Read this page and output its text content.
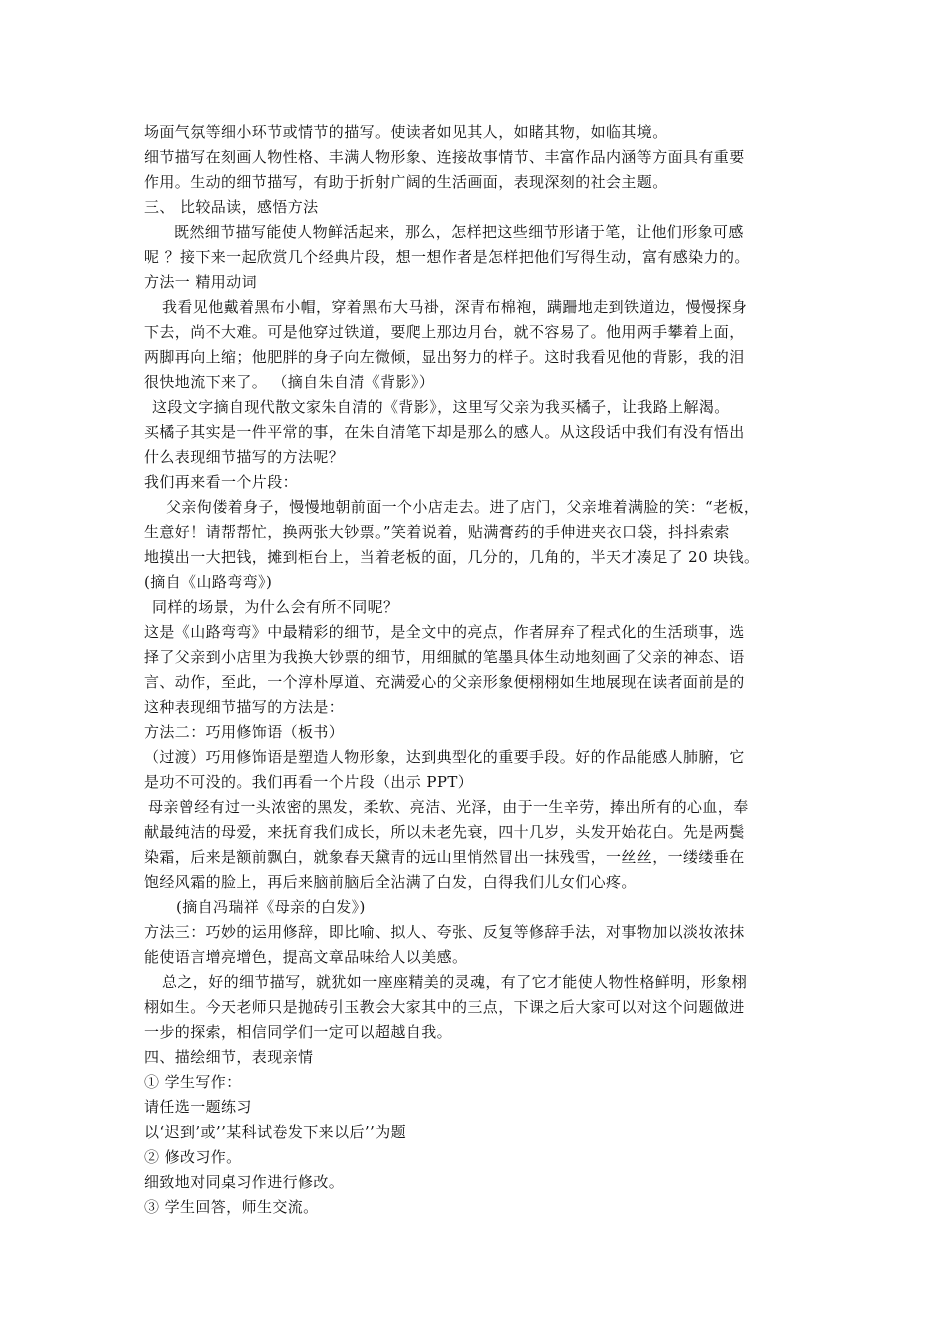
场面气氛等细小环节或情节的描写。使读者如见其人，如睹其物，如临其境。
细节描写在刻画人物性格、丰满人物形象、连接故事情节、丰富作品内涵等方面具有重要
作用。生动的细节描写，有助于折射广阔的生活画面，表现深刻的社会主题。
三、 比较品读，感悟方法
既然细节描写能使人物鲜活起来，那么，怎样把这些细节形诸于笔，让他们形象可感
呢 ？接下来一起欣赏几个经典片段，想一想作者是怎样把他们写得生动，富有感染力的。
方法一 精用动词
我看见他戴着黑布小帽，穿着黑布大马褂，深青布棉袍，蹒跚地走到铁道边，慢慢探身
下去，尚不大难。可是他穿过铁道，要爬上那边月台，就不容易了。他用两手攀着上面，
两脚再向上缩；他肥胖的身子向左微倾，显出努力的样子。这时我看见他的背影，我的泪
很快地流下来了。 （摘自朱自清《背影》）
这段文字摘自现代散文家朱自清的《背影》，这里写父亲为我买橘子，让我路上解渴。
买橘子其实是一件平常的事，在朱自清笔下却是那么的感人。从这段话中我们有没有悟出
什么表现细节描写的方法呢？
我们再来看一个片段：
父亲佝偻着身子，慢慢地朝前面一个小店走去。进了店门，父亲堆着满脸的笑：“老板，
生意好！请帮帮忙，换两张大钞票。”笑着说着，贴满膏药的手伸进夹衣口袋，抖抖索索
地摸出一大把钱，摊到柜台上，当着老板的面，几分的，几角的，半天才凑足了 20 块钱。
(摘自《山路弯弯》)
同样的场景，为什么会有所不同呢？
这是《山路弯弯》中最精彩的细节，是全文中的亮点，作者屏弃了程式化的生活琐事，选
择了父亲到小店里为我换大钞票的细节，用细腻的笔墨具体生动地刻画了父亲的神态、语
言、动作，至此，一个淳朴厚道、充满爱心的父亲形象便栩栩如生地展现在读者面前是的
这种表现细节描写的方法是：
方法二：巧用修饰语（板书）
（过渡）巧用修饰语是塑造人物形象，达到典型化的重要手段。好的作品能感人肺腑，它
是功不可没的。我们再看一个片段（出示 PPT）
母亲曾经有过一头浓密的黑发，柔软、亮洁、光泽，由于一生辛劳，捧出所有的心血，奉
献最纯洁的母爱，来抚育我们成长，所以未老先衰，四十几岁，头发开始花白。先是两鬓
染霜，后来是额前飘白，就象春天黛青的远山里悄然冒出一抹残雪，一丝丝，一缕缕垂在
饱经风霜的脸上，再后来脑前脑后全沾满了白发，白得我们儿女们心疼。
(摘自冯瑞祥《母亲的白发》)
方法三：巧妙的运用修辞，即比喻、拟人、夸张、反复等修辞手法，对事物加以淡妆浓抹
能使语言增亮增色，提高文章品味给人以美感。
总之，好的细节描写，就犹如一座座精美的灵魂，有了它才能使人物性格鲜明，形象栩
栩如生。今天老师只是抛砖引玉教会大家其中的三点，下课之后大家可以对这个问题做进
一步的探索，相信同学们一定可以超越自我。
四、描绘细节，表现亲情
① 学生写作：
请任选一题练习
以‘迟到’或’’某科试卷发下来以后’’为题
② 修改习作。
细致地对同桌习作进行修改。
③ 学生回答，师生交流。
